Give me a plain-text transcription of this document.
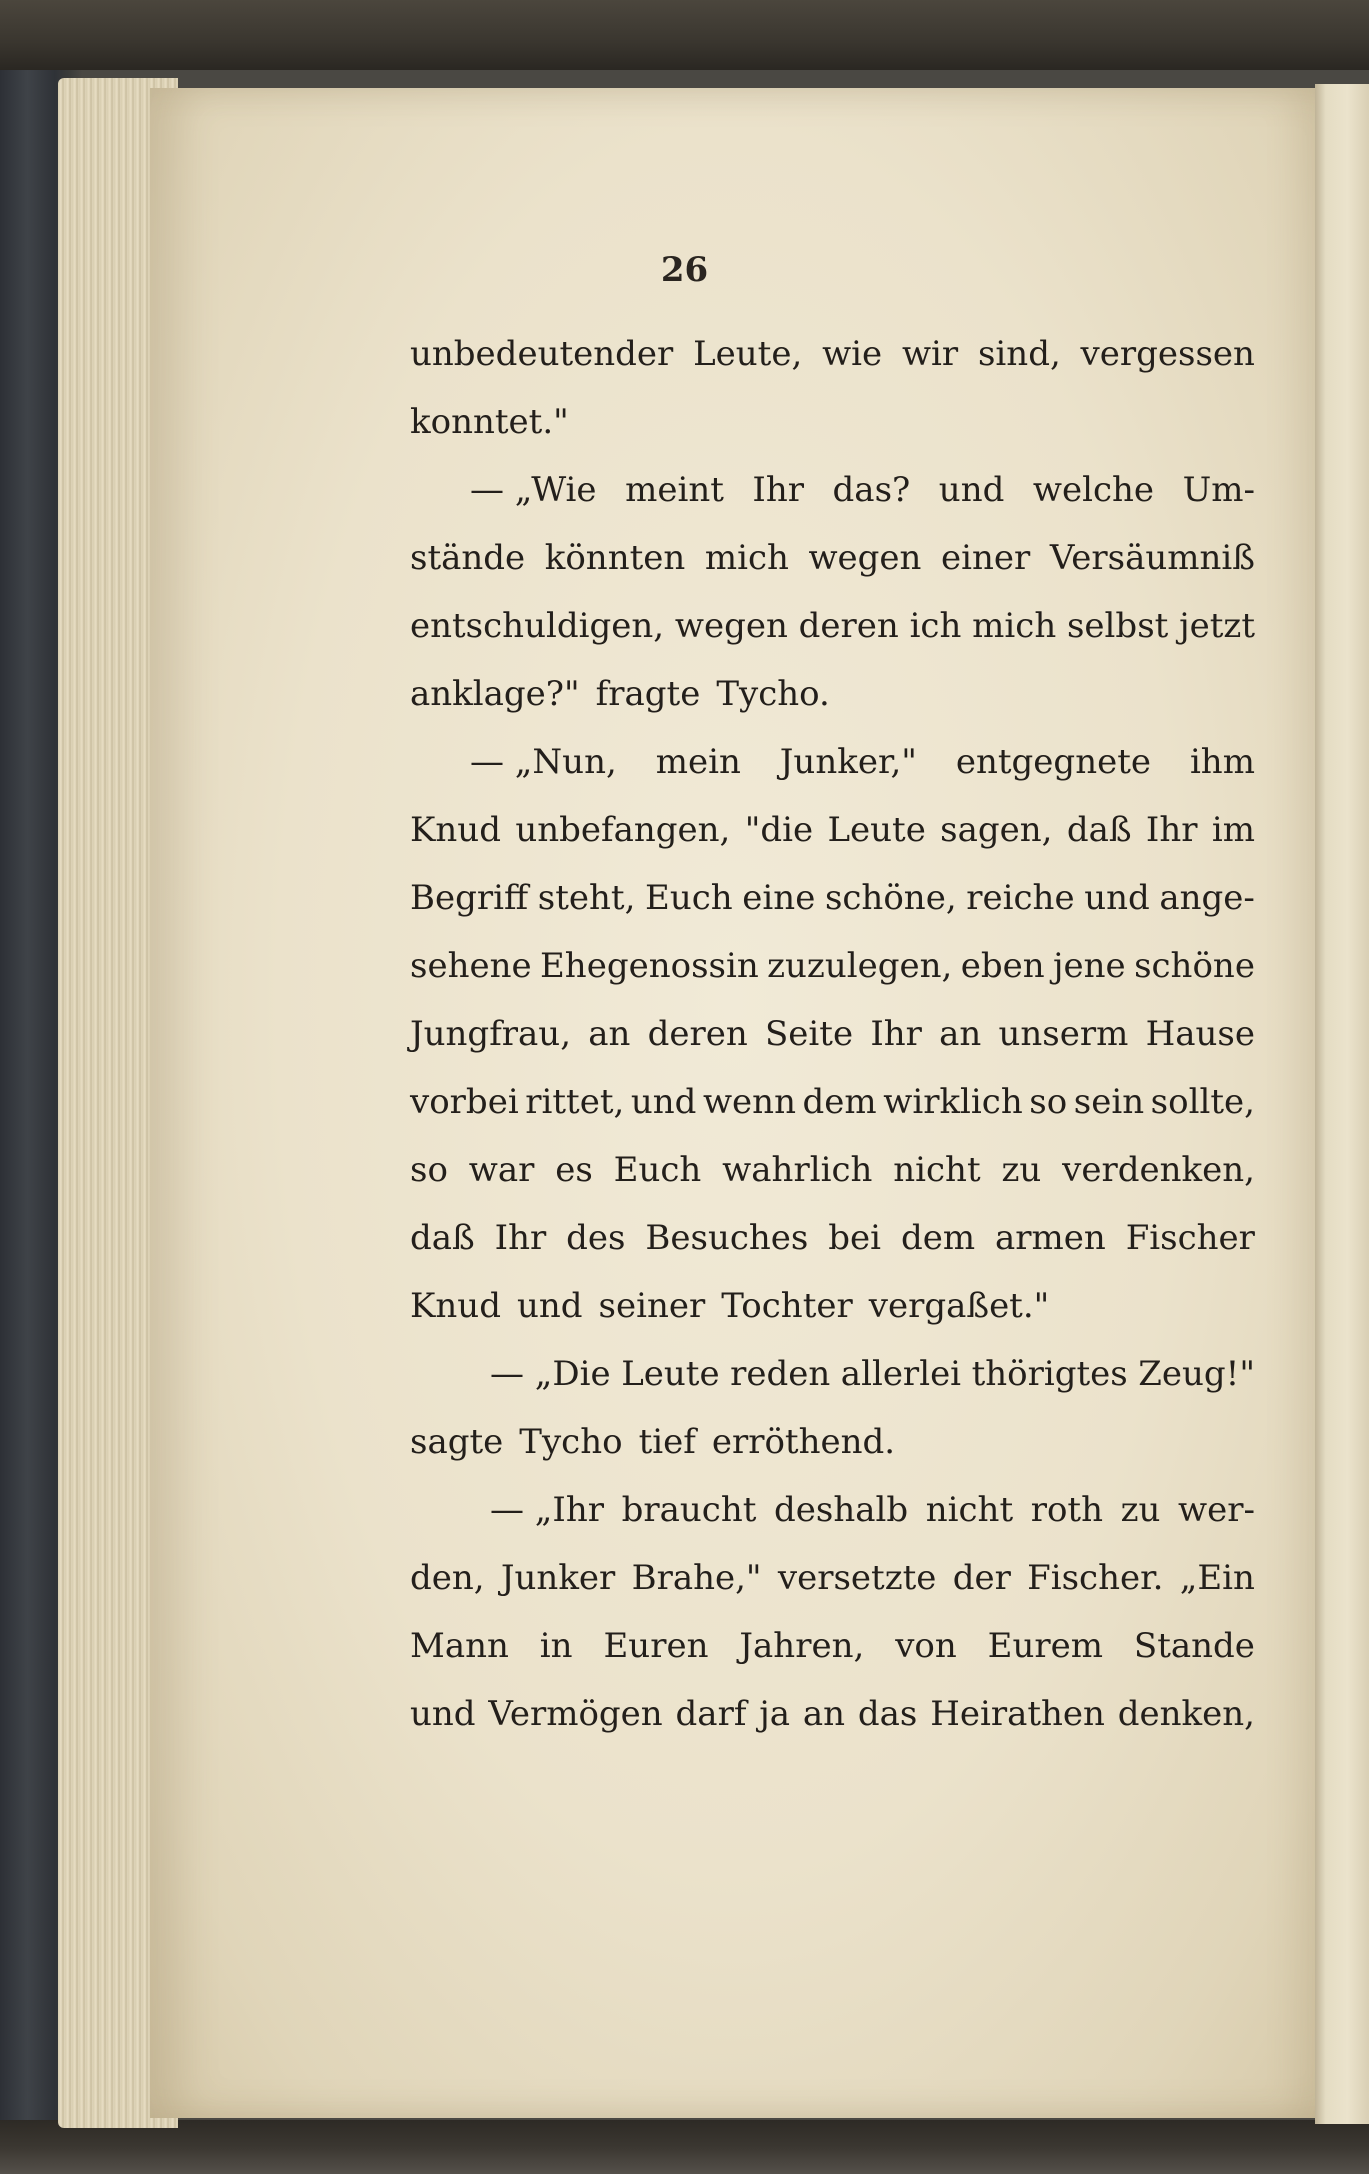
26
unbedeutender Leute, wie wir sind, vergessen
konntet."
— „Wie meint Ihr das? und welche Um-
stände könnten mich wegen einer Versäumniß
entschuldigen, wegen deren ich mich selbst jetzt
anklage?" fragte Tycho.
— „Nun, mein Junker," entgegnete ihm
Knud unbefangen, "die Leute sagen, daß Ihr im
Begriff steht, Euch eine schöne, reiche und ange-
sehene Ehegenossin zuzulegen, eben jene schöne
Jungfrau, an deren Seite Ihr an unserm Hause
vorbei rittet, und wenn dem wirklich so sein sollte,
so war es Euch wahrlich nicht zu verdenken,
daß Ihr des Besuches bei dem armen Fischer
Knud und seiner Tochter vergaßet."
— „Die Leute reden allerlei thörigtes Zeug!"
sagte Tycho tief erröthend.
— „Ihr braucht deshalb nicht roth zu wer-
den, Junker Brahe," versetzte der Fischer. „Ein
Mann in Euren Jahren, von Eurem Stande
und Vermögen darf ja an das Heirathen denken,
